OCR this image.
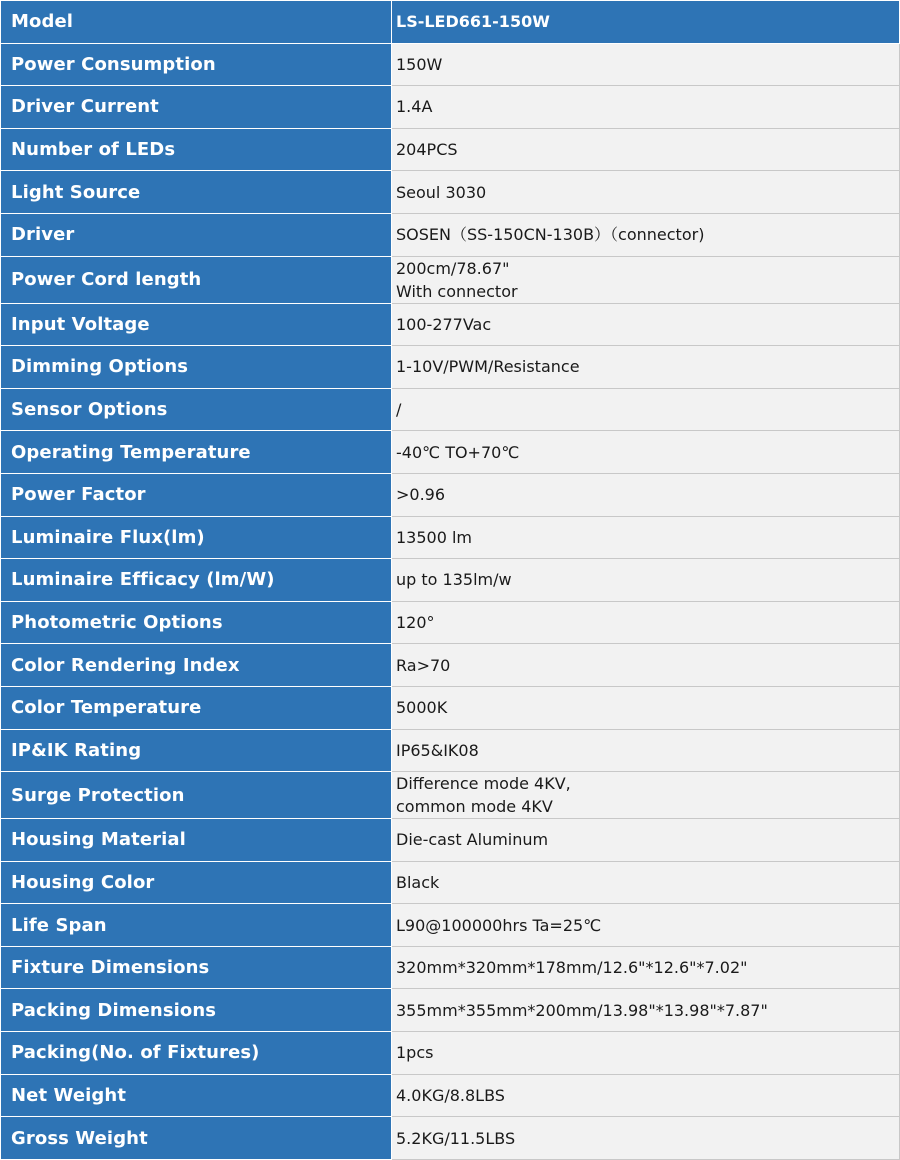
Model	LS-LED661-150W
Power Consumption	150W
Driver Current	1.4A
Number of LEDs	204PCS
Light Source	Seoul 3030
Driver	SOSEN（SS-150CN-130B）（connector)
Power Cord length	200cm/78.67"
With connector
Input Voltage	100-277Vac
Dimming Options	1-10V/PWM/Resistance
Sensor Options	/
Operating Temperature	-40℃ TO+70℃
Power Factor	>0.96
Luminaire Flux(lm)	13500 lm
Luminaire Efficacy (lm/W)	up to 135lm/w
Photometric Options	120°
Color Rendering Index	Ra>70
Color Temperature	5000K
IP&IK Rating	IP65&IK08
Surge Protection	Difference mode 4KV,
common mode 4KV
Housing Material	Die-cast Aluminum
Housing Color	Black
Life Span	L90@100000hrs Ta=25℃
Fixture Dimensions	320mm*320mm*178mm/12.6"*12.6"*7.02"
Packing Dimensions	355mm*355mm*200mm/13.98"*13.98"*7.87"
Packing(No. of Fixtures)	1pcs
Net Weight	4.0KG/8.8LBS
Gross Weight	5.2KG/11.5LBS
